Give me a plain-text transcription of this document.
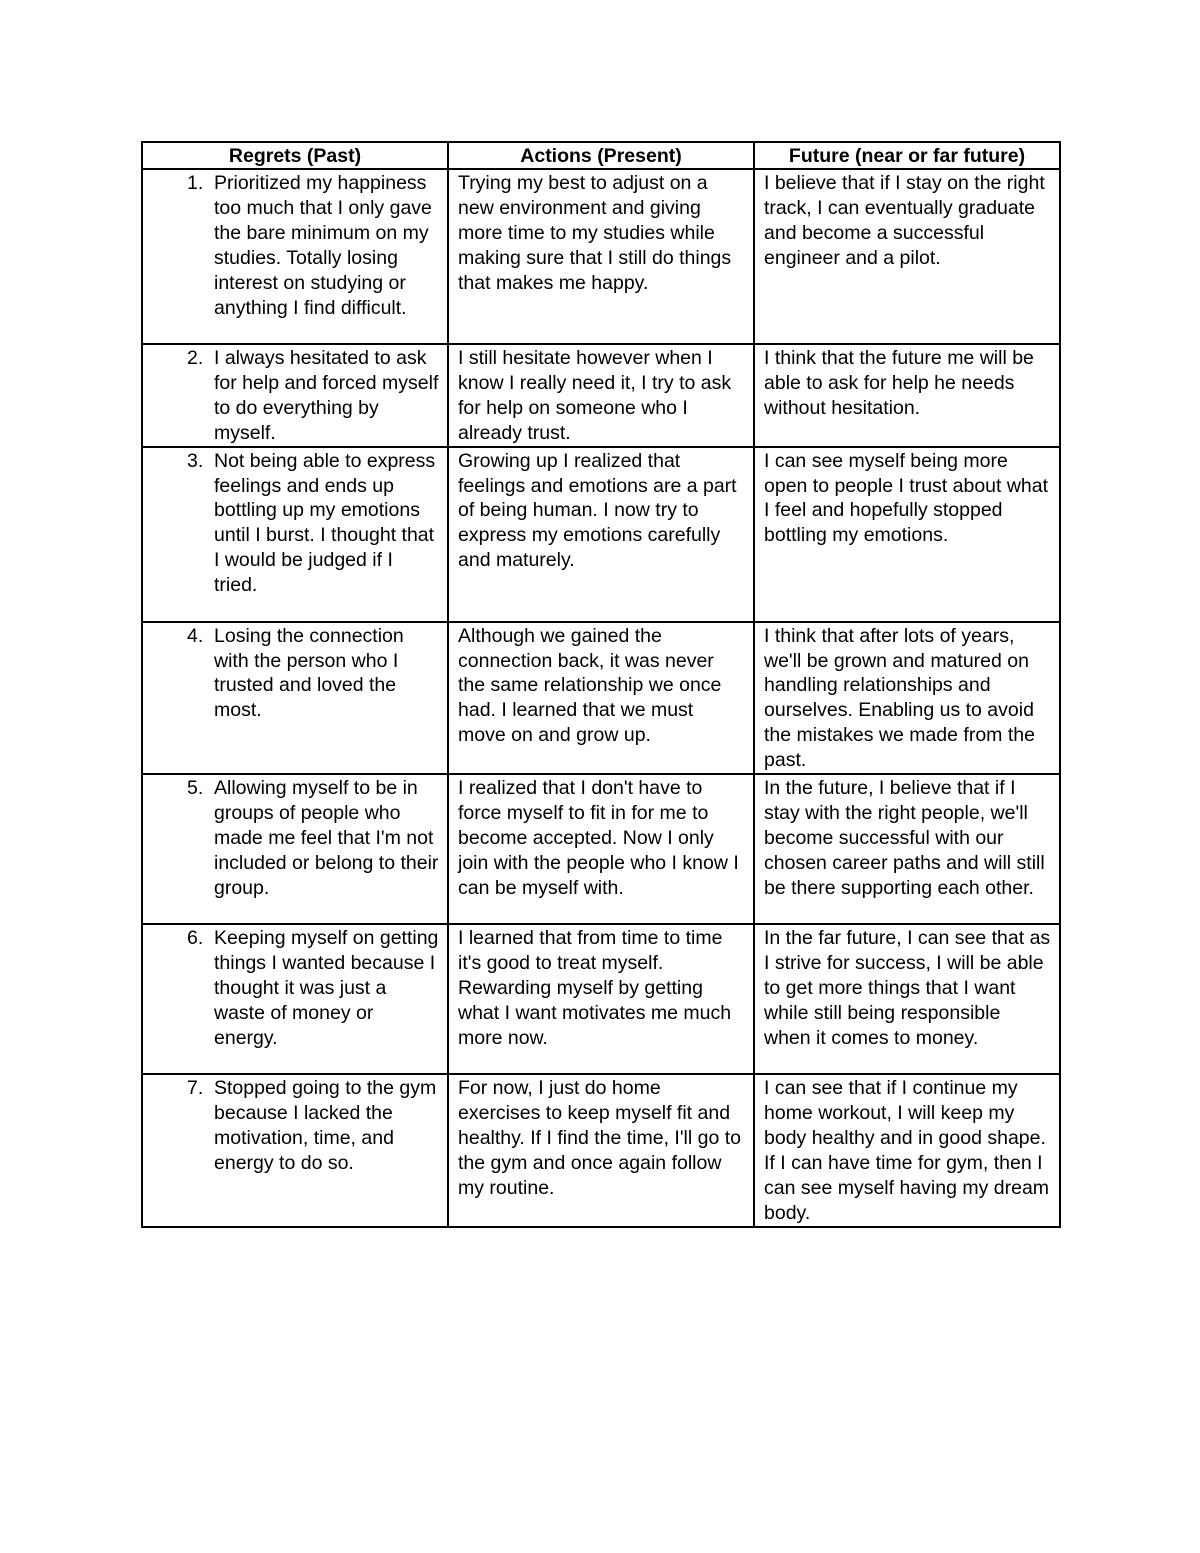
Regrets (Past)	Actions (Present)	Future (near or far future)

1. Prioritized my happiness too much that I only gave the bare minimum on my studies. Totally losing interest on studying or anything I find difficult.	Trying my best to adjust on a new environment and giving more time to my studies while making sure that I still do things that makes me happy.	I believe that if I stay on the right track, I can eventually graduate and become a successful engineer and a pilot.

2. I always hesitated to ask for help and forced myself to do everything by myself.	I still hesitate however when I know I really need it, I try to ask for help on someone who I already trust.	I think that the future me will be able to ask for help he needs without hesitation.

3. Not being able to express feelings and ends up bottling up my emotions until I burst. I thought that I would be judged if I tried.	Growing up I realized that feelings and emotions are a part of being human. I now try to express my emotions carefully and maturely.	I can see myself being more open to people I trust about what I feel and hopefully stopped bottling my emotions.

4. Losing the connection with the person who I trusted and loved the most.	Although we gained the connection back, it was never the same relationship we once had. I learned that we must move on and grow up.	I think that after lots of years, we'll be grown and matured on handling relationships and ourselves. Enabling us to avoid the mistakes we made from the past.

5. Allowing myself to be in groups of people who made me feel that I'm not included or belong to their group.	I realized that I don't have to force myself to fit in for me to become accepted. Now I only join with the people who I know I can be myself with.	In the future, I believe that if I stay with the right people, we'll become successful with our chosen career paths and will still be there supporting each other.

6. Keeping myself on getting things I wanted because I thought it was just a waste of money or energy.	I learned that from time to time it's good to treat myself. Rewarding myself by getting what I want motivates me much more now.	In the far future, I can see that as I strive for success, I will be able to get more things that I want while still being responsible when it comes to money.

7. Stopped going to the gym because I lacked the motivation, time, and energy to do so.	For now, I just do home exercises to keep myself fit and healthy. If I find the time, I'll go to the gym and once again follow my routine.	I can see that if I continue my home workout, I will keep my body healthy and in good shape. If I can have time for gym, then I can see myself having my dream body.
